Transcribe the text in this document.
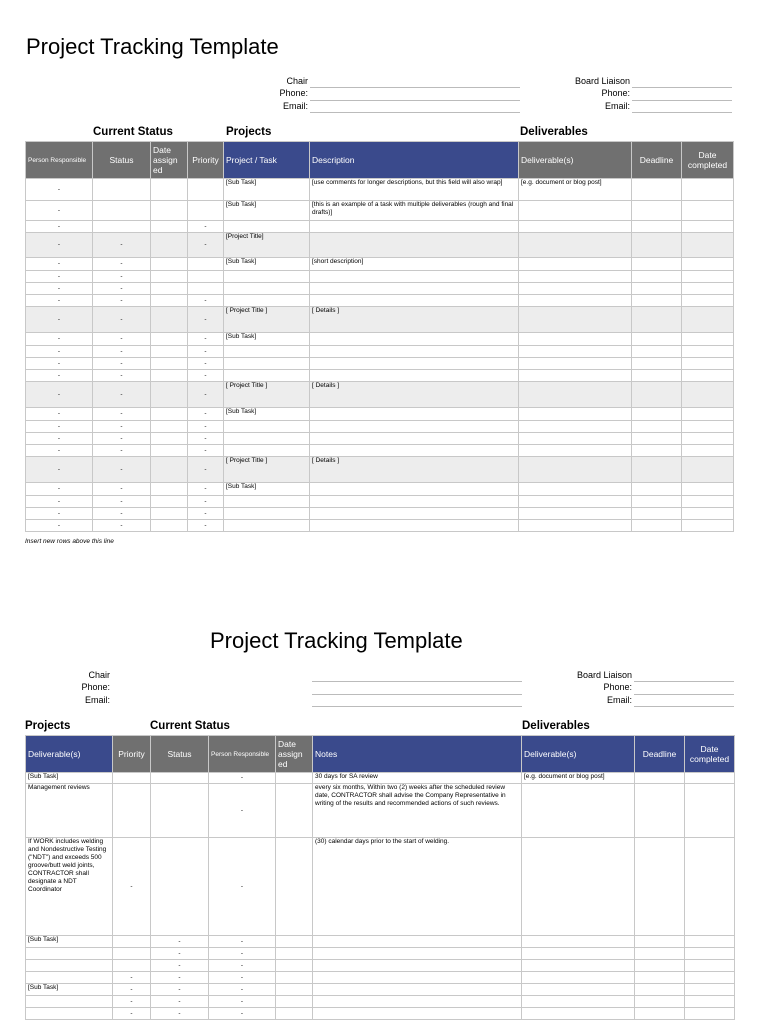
Project Tracking Template
Chair
Phone:
Email:
Board Liaison
Phone:
Email:
Current Status	Projects	Deliverables
Person Responsible	Status	Date assign ed	Priority	Project / Task	Description	Deliverable(s)	Deadline	Date completed
-				[Sub Task]	[use comments for longer descriptions, but this field will also wrap]	[e.g. document or blog post]		
-				[Sub Task]	[this is an example of a task with multiple deliverables (rough and final drafts)]			
-			-					
-	-		-	[Project Title]				
-	-			[Sub Task]	[short description]			
-	-							
-	-							
-	-		-					
-	-		-	[ Project Title ]	[ Details ]			
-	-		-	[Sub Task]				
-	-		-					
-	-		-					
-	-		-					
-	-		-	[ Project Title ]	[ Details ]			
-	-		-	[Sub Task]				
-	-		-					
-	-		-					
-	-		-					
-	-		-	[ Project Title ]	[ Details ]			
-	-		-	[Sub Task]				
-	-		-					
-	-		-					
-	-		-					
Insert new rows above this line
Project Tracking Template
Chair
Phone:
Email:
Board Liaison
Phone:
Email:
Projects	Current Status	Deliverables
Deliverable(s)	Priority	Status	Person Responsible	Date assign ed	Notes	Deliverable(s)	Deadline	Date completed
[Sub Task]			-		30 days for SA review	[e.g. document or blog post]		
Management reviews			-		every six months, Within two (2) weeks after the scheduled review date, CONTRACTOR shall advise the Company Representative in writing of the results and recommended actions of such reviews.			
If WORK includes welding and Nondestructive Testing ("NDT") and exceeds 500 groove/butt weld joints, CONTRACTOR shall designate a NDT Coordinator	-		-		(30) calendar days prior to the start of welding.			
[Sub Task]		-	-					
		-	-					
		-	-					
	-	-	-					
[Sub Task]	-	-	-					
	-	-	-					
	-	-	-					
